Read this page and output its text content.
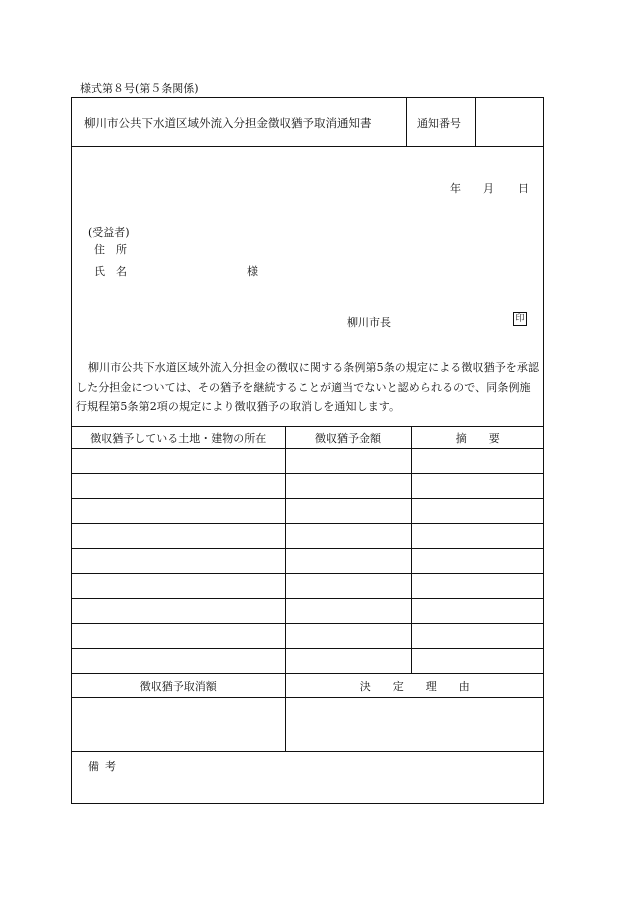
様式第８号(第５条関係)
柳川市公共下水道区域外流入分担金徴収猶予取消通知書	通知番号
年 月 日
(受益者)
住　所
氏　名	様
柳川市長	印
柳川市公共下水道区域外流入分担金の徴収に関する条例第5条の規定による徴収猶予を承認した分担金については、その猶予を継続することが適当でないと認められるので、同条例施行規程第5条第2項の規定により徴収猶予の取消しを通知します。
徴収猶予している土地・建物の所在	徴収猶予金額	摘　　要

徴収猶予取消額	決　　定　　理　　由

備考
